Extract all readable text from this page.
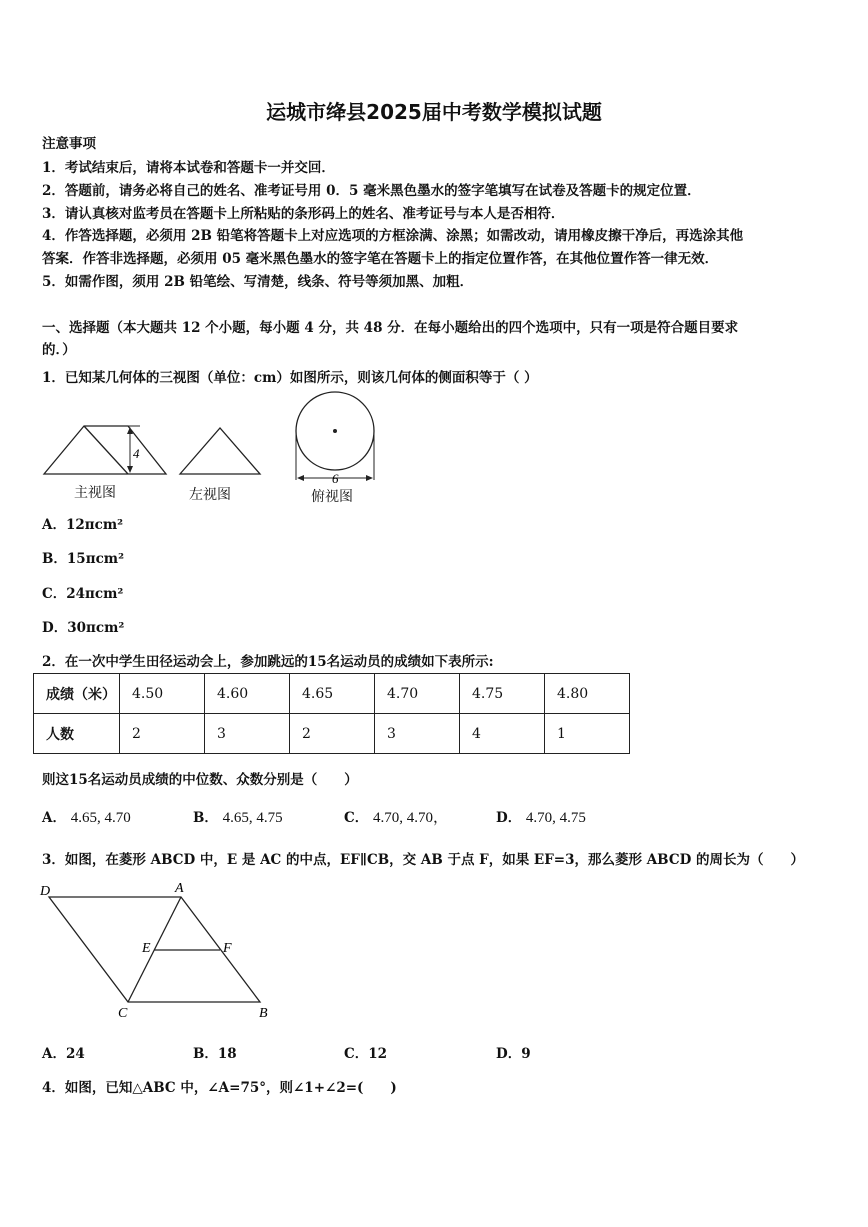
运城市绛县2025届中考数学模拟试题
注意事项
1．考试结束后，请将本试卷和答题卡一并交回．
2．答题前，请务必将自己的姓名、准考证号用 0．5 毫米黑色墨水的签字笔填写在试卷及答题卡的规定位置．
3．请认真核对监考员在答题卡上所粘贴的条形码上的姓名、准考证号与本人是否相符．
4．作答选择题，必须用 2B 铅笔将答题卡上对应选项的方框涂满、涂黑；如需改动，请用橡皮擦干净后，再选涂其他
答案．作答非选择题，必须用 05 毫米黑色墨水的签字笔在答题卡上的指定位置作答，在其他位置作答一律无效．
5．如需作图，须用 2B 铅笔绘、写清楚，线条、符号等须加黑、加粗．
一、选择题（本大题共 12 个小题，每小题 4 分，共 48 分．在每小题给出的四个选项中，只有一项是符合题目要求
的．）
1．已知某几何体的三视图（单位：cm）如图所示，则该几何体的侧面积等于（ ）
4
6
主视图	左视图	俯视图
A．12πcm²
B．15πcm²
C．24πcm²
D．30πcm²
2．在一次中学生田径运动会上，参加跳远的15名运动员的成绩如下表所示:
成绩（米）	4.50	4.60	4.65	4.70	4.75	4.80
人数	2	3	2	3	4	1
则这15名运动员成绩的中位数、众数分别是（　　）
A． 4.65, 4.70	B． 4.65, 4.75	C． 4.70, 4.70，	D． 4.70, 4.75
3．如图，在菱形 ABCD 中，E 是 AC 的中点，EF∥CB，交 AB 于点 F，如果 EF=3，那么菱形 ABCD 的周长为（　　）
D	A
E	F
C	B
A．24	B．18	C．12	D．9
4．如图，已知△ABC 中，∠A=75°，则∠1+∠2=(　　)
